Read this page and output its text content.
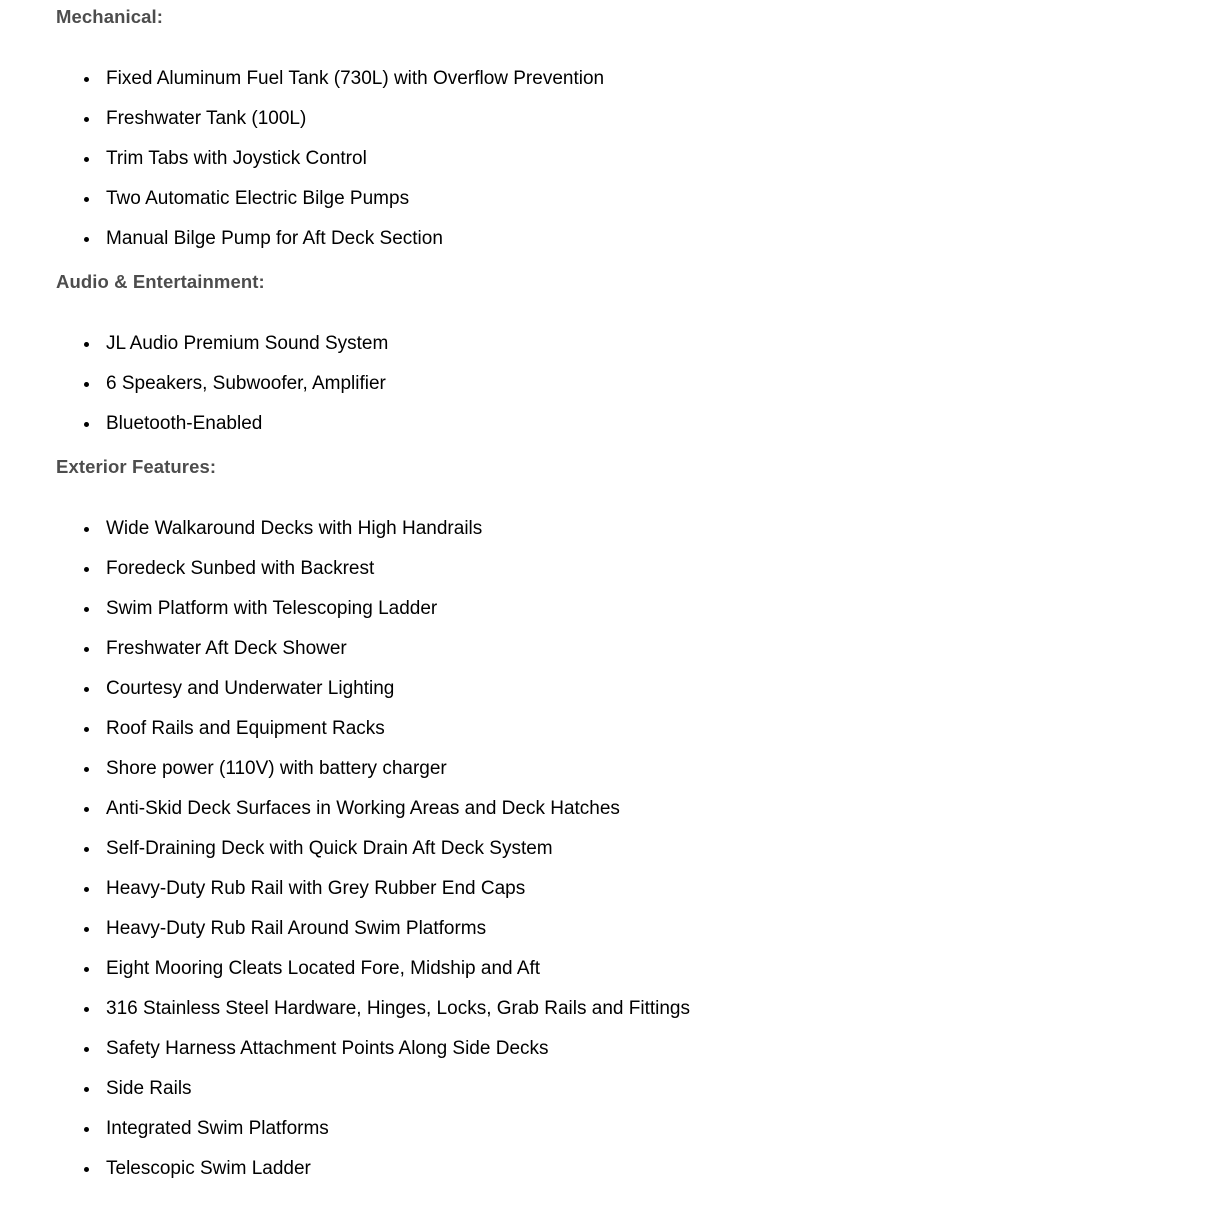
Mechanical:
Fixed Aluminum Fuel Tank (730L) with Overflow Prevention
Freshwater Tank (100L)
Trim Tabs with Joystick Control
Two Automatic Electric Bilge Pumps
Manual Bilge Pump for Aft Deck Section
Audio & Entertainment:
JL Audio Premium Sound System
6 Speakers, Subwoofer, Amplifier
Bluetooth-Enabled
Exterior Features:
Wide Walkaround Decks with High Handrails
Foredeck Sunbed with Backrest
Swim Platform with Telescoping Ladder
Freshwater Aft Deck Shower
Courtesy and Underwater Lighting
Roof Rails and Equipment Racks
Shore power (110V) with battery charger
Anti-Skid Deck Surfaces in Working Areas and Deck Hatches
Self-Draining Deck with Quick Drain Aft Deck System
Heavy-Duty Rub Rail with Grey Rubber End Caps
Heavy-Duty Rub Rail Around Swim Platforms
Eight Mooring Cleats Located Fore, Midship and Aft
316 Stainless Steel Hardware, Hinges, Locks, Grab Rails and Fittings
Safety Harness Attachment Points Along Side Decks
Side Rails
Integrated Swim Platforms
Telescopic Swim Ladder
